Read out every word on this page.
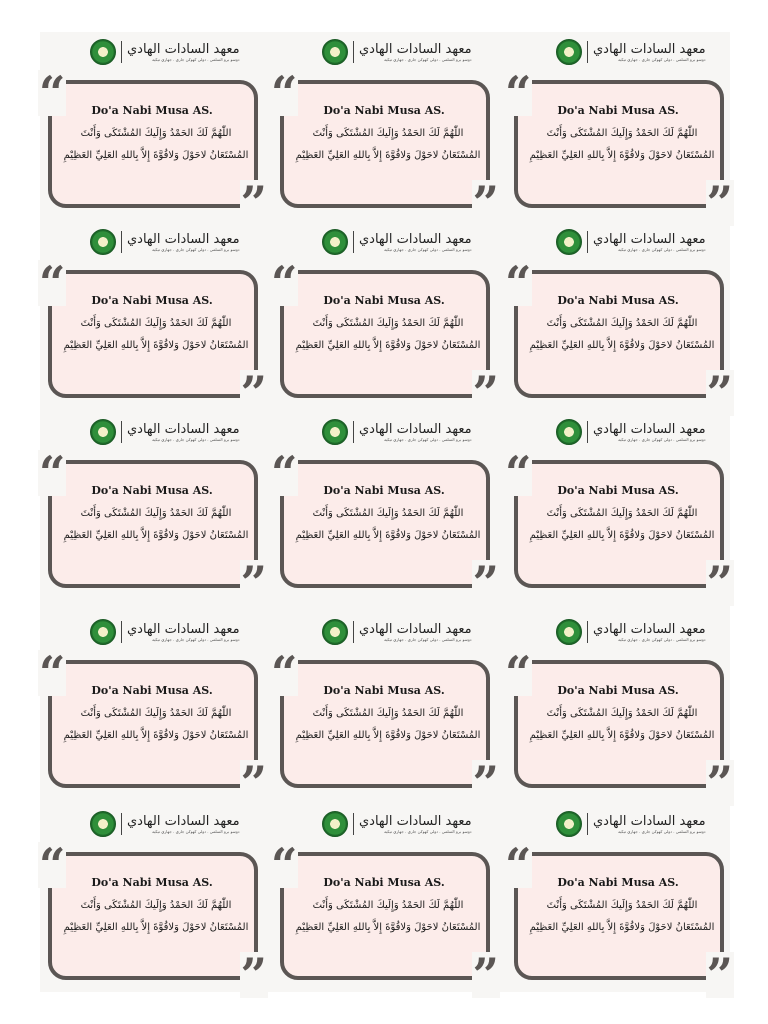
معهد السادات الهادي
دوسو برو السلمي . دولي كهوكن جاري . جهاري تيكيه
“
”
Do'a Nabi Musa AS.
اللّٰهُمَّ لَكَ الحَمْدُ وَإِلَيكَ المُشْتَكَى وَأَنْتَ
المُسْتَعَانُ لاحَوْلَ وَلاقُوَّةَ إِلاَّ بِاللهِ العَلِيِّ العَظِيْمِ
معهد السادات الهادي
دوسو برو السلمي . دولي كهوكن جاري . جهاري تيكيه
“
”
Do'a Nabi Musa AS.
اللّٰهُمَّ لَكَ الحَمْدُ وَإِلَيكَ المُشْتَكَى وَأَنْتَ
المُسْتَعَانُ لاحَوْلَ وَلاقُوَّةَ إِلاَّ بِاللهِ العَلِيِّ العَظِيْمِ
معهد السادات الهادي
دوسو برو السلمي . دولي كهوكن جاري . جهاري تيكيه
“
”
Do'a Nabi Musa AS.
اللّٰهُمَّ لَكَ الحَمْدُ وَإِلَيكَ المُشْتَكَى وَأَنْتَ
المُسْتَعَانُ لاحَوْلَ وَلاقُوَّةَ إِلاَّ بِاللهِ العَلِيِّ العَظِيْمِ
معهد السادات الهادي
دوسو برو السلمي . دولي كهوكن جاري . جهاري تيكيه
“
”
Do'a Nabi Musa AS.
اللّٰهُمَّ لَكَ الحَمْدُ وَإِلَيكَ المُشْتَكَى وَأَنْتَ
المُسْتَعَانُ لاحَوْلَ وَلاقُوَّةَ إِلاَّ بِاللهِ العَلِيِّ العَظِيْمِ
معهد السادات الهادي
دوسو برو السلمي . دولي كهوكن جاري . جهاري تيكيه
“
”
Do'a Nabi Musa AS.
اللّٰهُمَّ لَكَ الحَمْدُ وَإِلَيكَ المُشْتَكَى وَأَنْتَ
المُسْتَعَانُ لاحَوْلَ وَلاقُوَّةَ إِلاَّ بِاللهِ العَلِيِّ العَظِيْمِ
معهد السادات الهادي
دوسو برو السلمي . دولي كهوكن جاري . جهاري تيكيه
“
”
Do'a Nabi Musa AS.
اللّٰهُمَّ لَكَ الحَمْدُ وَإِلَيكَ المُشْتَكَى وَأَنْتَ
المُسْتَعَانُ لاحَوْلَ وَلاقُوَّةَ إِلاَّ بِاللهِ العَلِيِّ العَظِيْمِ
معهد السادات الهادي
دوسو برو السلمي . دولي كهوكن جاري . جهاري تيكيه
“
”
Do'a Nabi Musa AS.
اللّٰهُمَّ لَكَ الحَمْدُ وَإِلَيكَ المُشْتَكَى وَأَنْتَ
المُسْتَعَانُ لاحَوْلَ وَلاقُوَّةَ إِلاَّ بِاللهِ العَلِيِّ العَظِيْمِ
معهد السادات الهادي
دوسو برو السلمي . دولي كهوكن جاري . جهاري تيكيه
“
”
Do'a Nabi Musa AS.
اللّٰهُمَّ لَكَ الحَمْدُ وَإِلَيكَ المُشْتَكَى وَأَنْتَ
المُسْتَعَانُ لاحَوْلَ وَلاقُوَّةَ إِلاَّ بِاللهِ العَلِيِّ العَظِيْمِ
معهد السادات الهادي
دوسو برو السلمي . دولي كهوكن جاري . جهاري تيكيه
“
”
Do'a Nabi Musa AS.
اللّٰهُمَّ لَكَ الحَمْدُ وَإِلَيكَ المُشْتَكَى وَأَنْتَ
المُسْتَعَانُ لاحَوْلَ وَلاقُوَّةَ إِلاَّ بِاللهِ العَلِيِّ العَظِيْمِ
معهد السادات الهادي
دوسو برو السلمي . دولي كهوكن جاري . جهاري تيكيه
“
”
Do'a Nabi Musa AS.
اللّٰهُمَّ لَكَ الحَمْدُ وَإِلَيكَ المُشْتَكَى وَأَنْتَ
المُسْتَعَانُ لاحَوْلَ وَلاقُوَّةَ إِلاَّ بِاللهِ العَلِيِّ العَظِيْمِ
معهد السادات الهادي
دوسو برو السلمي . دولي كهوكن جاري . جهاري تيكيه
“
”
Do'a Nabi Musa AS.
اللّٰهُمَّ لَكَ الحَمْدُ وَإِلَيكَ المُشْتَكَى وَأَنْتَ
المُسْتَعَانُ لاحَوْلَ وَلاقُوَّةَ إِلاَّ بِاللهِ العَلِيِّ العَظِيْمِ
معهد السادات الهادي
دوسو برو السلمي . دولي كهوكن جاري . جهاري تيكيه
“
”
Do'a Nabi Musa AS.
اللّٰهُمَّ لَكَ الحَمْدُ وَإِلَيكَ المُشْتَكَى وَأَنْتَ
المُسْتَعَانُ لاحَوْلَ وَلاقُوَّةَ إِلاَّ بِاللهِ العَلِيِّ العَظِيْمِ
معهد السادات الهادي
دوسو برو السلمي . دولي كهوكن جاري . جهاري تيكيه
“
”
Do'a Nabi Musa AS.
اللّٰهُمَّ لَكَ الحَمْدُ وَإِلَيكَ المُشْتَكَى وَأَنْتَ
المُسْتَعَانُ لاحَوْلَ وَلاقُوَّةَ إِلاَّ بِاللهِ العَلِيِّ العَظِيْمِ
معهد السادات الهادي
دوسو برو السلمي . دولي كهوكن جاري . جهاري تيكيه
“
”
Do'a Nabi Musa AS.
اللّٰهُمَّ لَكَ الحَمْدُ وَإِلَيكَ المُشْتَكَى وَأَنْتَ
المُسْتَعَانُ لاحَوْلَ وَلاقُوَّةَ إِلاَّ بِاللهِ العَلِيِّ العَظِيْمِ
معهد السادات الهادي
دوسو برو السلمي . دولي كهوكن جاري . جهاري تيكيه
“
”
Do'a Nabi Musa AS.
اللّٰهُمَّ لَكَ الحَمْدُ وَإِلَيكَ المُشْتَكَى وَأَنْتَ
المُسْتَعَانُ لاحَوْلَ وَلاقُوَّةَ إِلاَّ بِاللهِ العَلِيِّ العَظِيْمِ
